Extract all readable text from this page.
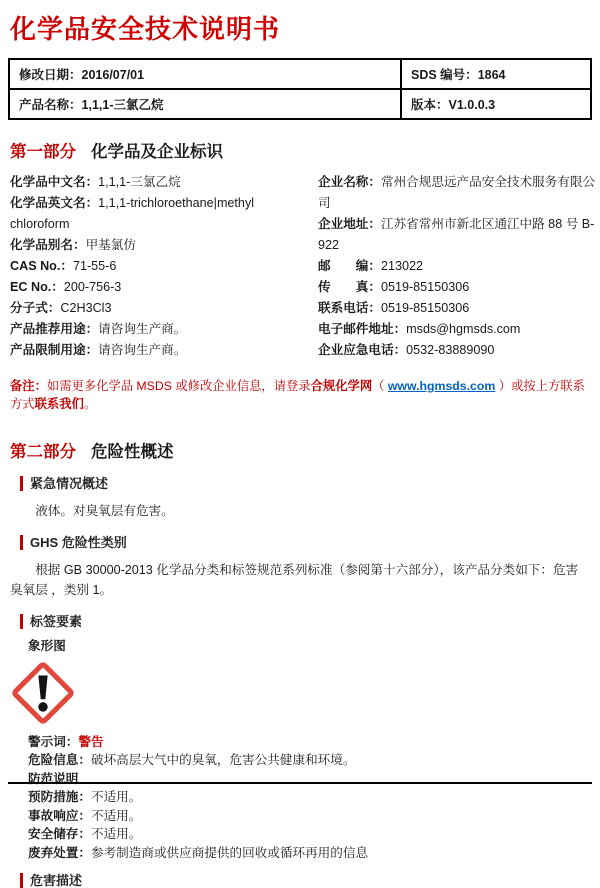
化学品安全技术说明书
修改日期：2016/07/01	SDS 编号：1864
产品名称：1,1,1-三氯乙烷	版本：V1.0.0.3
第一部分 化学品及企业标识
化学品中文名：1,1,1-三氯乙烷
化学品英文名：1,1,1-trichloroethane|methyl chloroform
化学品别名：甲基氯仿
CAS No.：71-55-6
EC No.：200-756-3
分子式：C2H3Cl3
产品推荐用途：请咨询生产商。
产品限制用途：请咨询生产商。
企业名称：常州合规思远产品安全技术服务有限公司
企业地址：江苏省常州市新北区通江中路 88 号 B-922
邮　　编：213022
传　　真：0519-85150306
联系电话：0519-85150306
电子邮件地址：msds@hgmsds.com
企业应急电话：0532-83889090
备注：如需更多化学品 MSDS 或修改企业信息，请登录合规化学网（ www.hgmsds.com ）或按上方联系方式联系我们。
第二部分 危险性概述
紧急情况概述
液体。对臭氧层有危害。
GHS 危险性类别
根据 GB 30000-2013 化学品分类和标签规范系列标准（参阅第十六部分），该产品分类如下：危害臭氧层 ，类别 1。
标签要素
象形图
警示词：警告
危险信息：破坏高层大气中的臭氧，危害公共健康和环境。
防范说明
预防措施：不适用。
事故响应：不适用。
安全储存：不适用。
废弃处置：参考制造商或供应商提供的回收或循环再用的信息
危害描述
